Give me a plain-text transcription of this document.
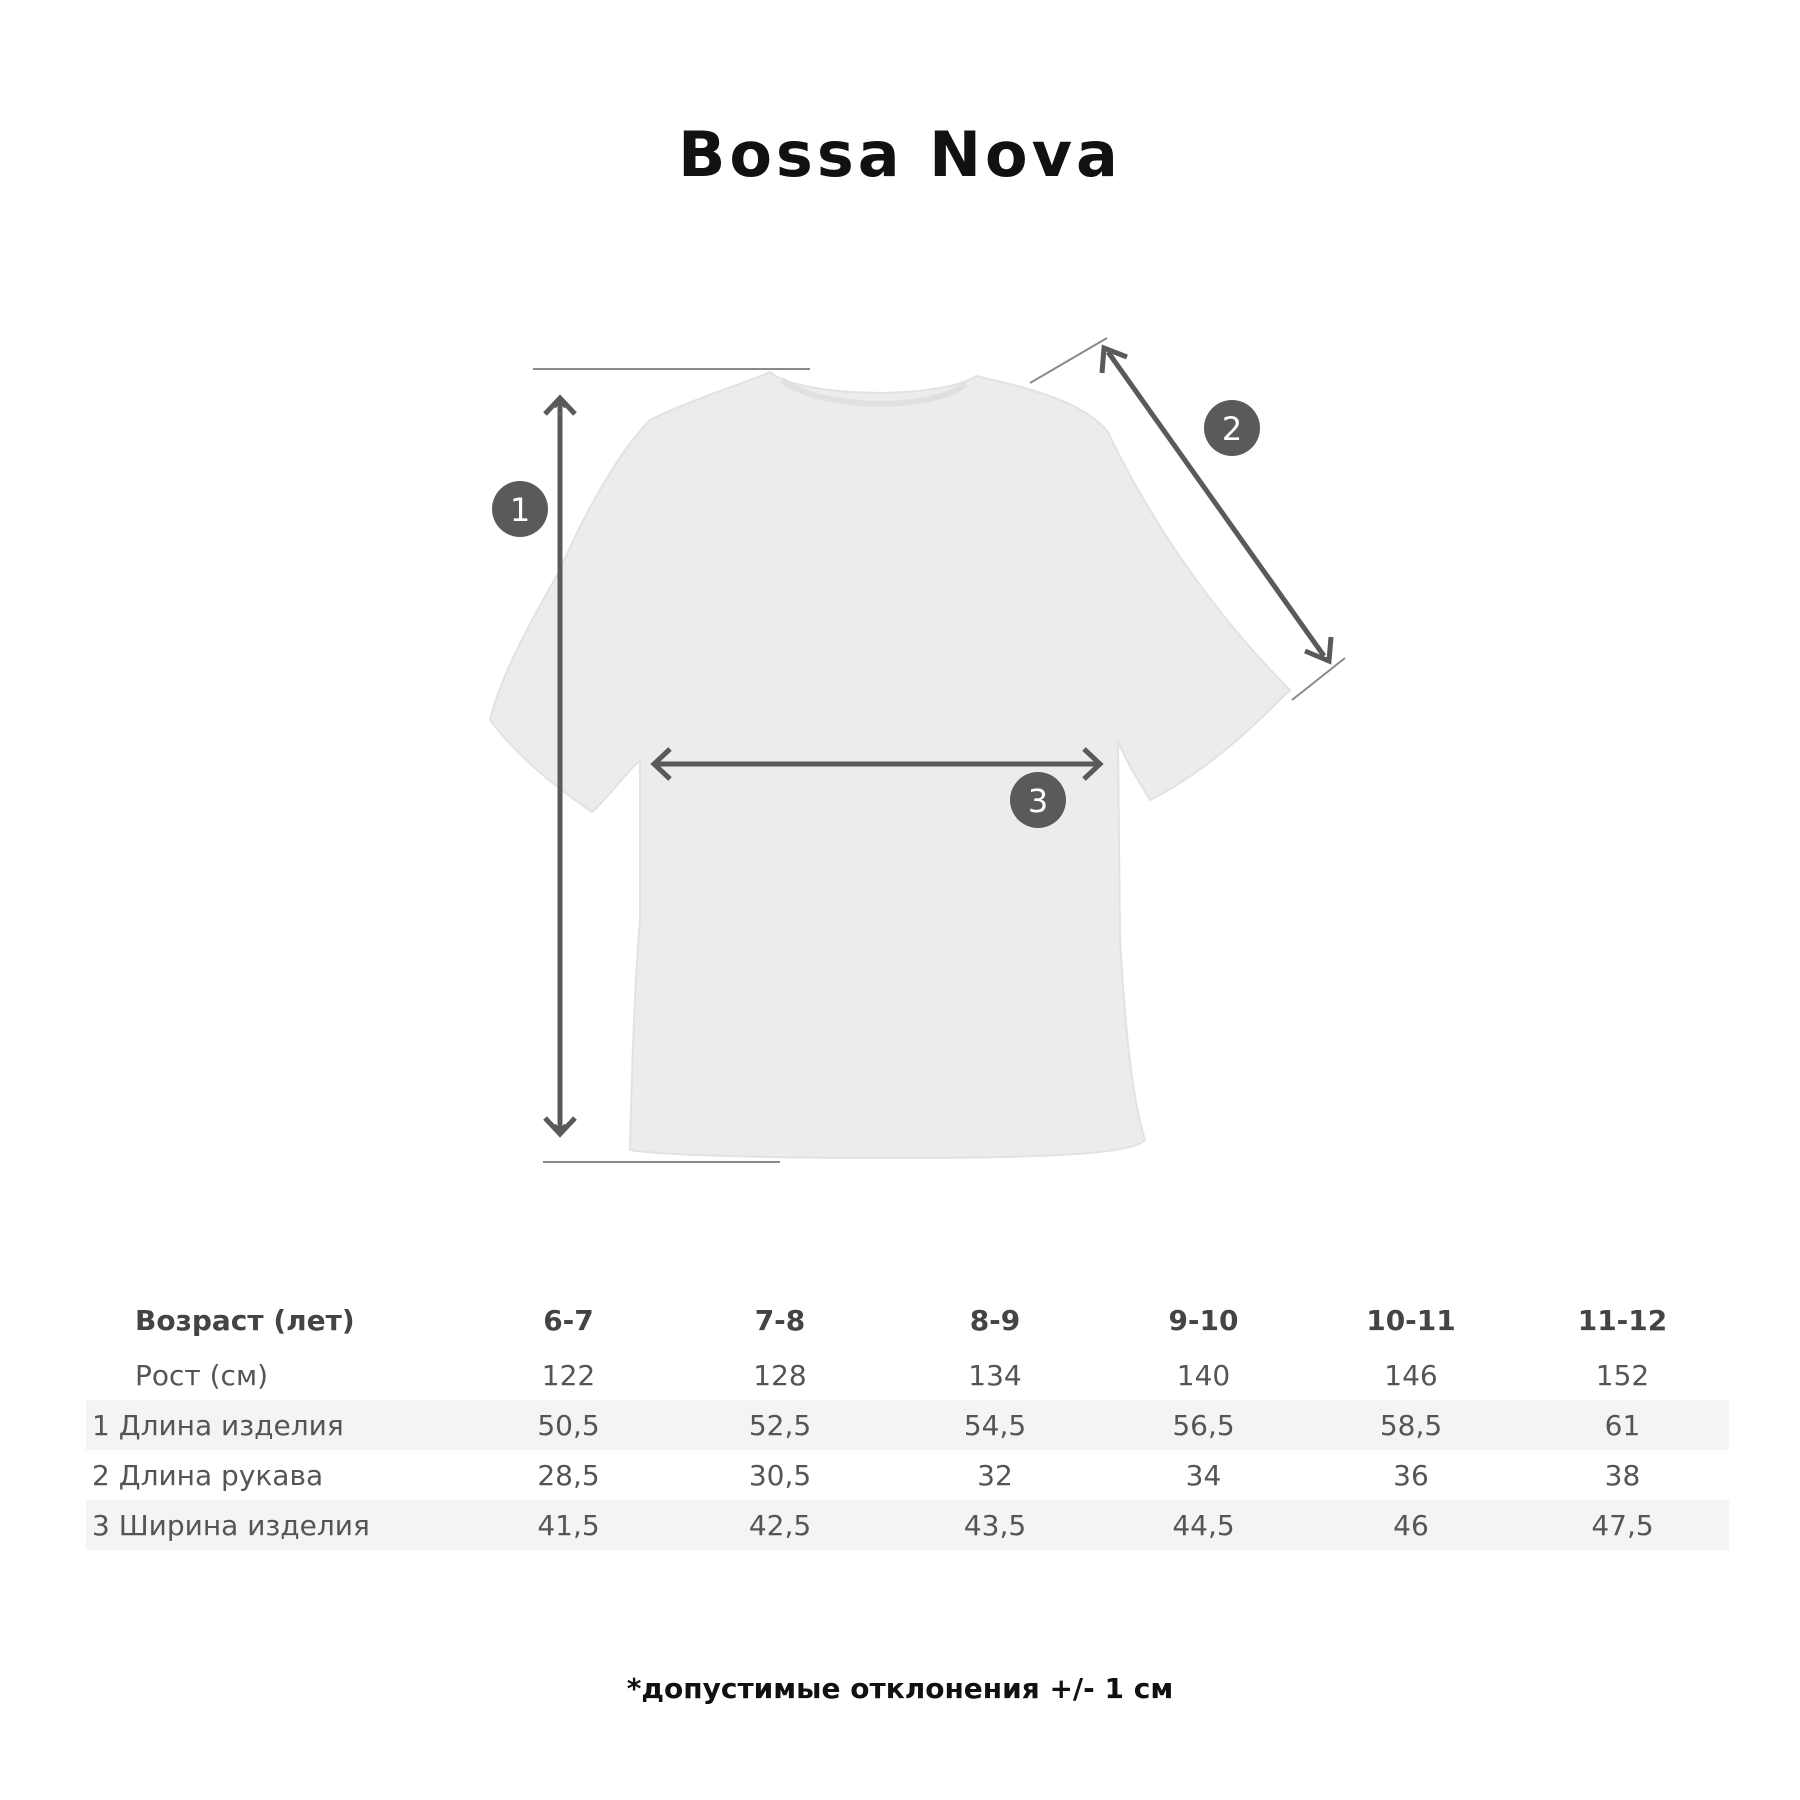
Bossa Nova
1
2
3
Возраст (лет)	6-7	7-8	8-9	9-10	10-11	11-12
Рост (см)	122	128	134	140	146	152
1 Длина изделия	50,5	52,5	54,5	56,5	58,5	61
2 Длина рукава	28,5	30,5	32	34	36	38
3 Ширина изделия	41,5	42,5	43,5	44,5	46	47,5
*допустимые отклонения +/- 1 см
